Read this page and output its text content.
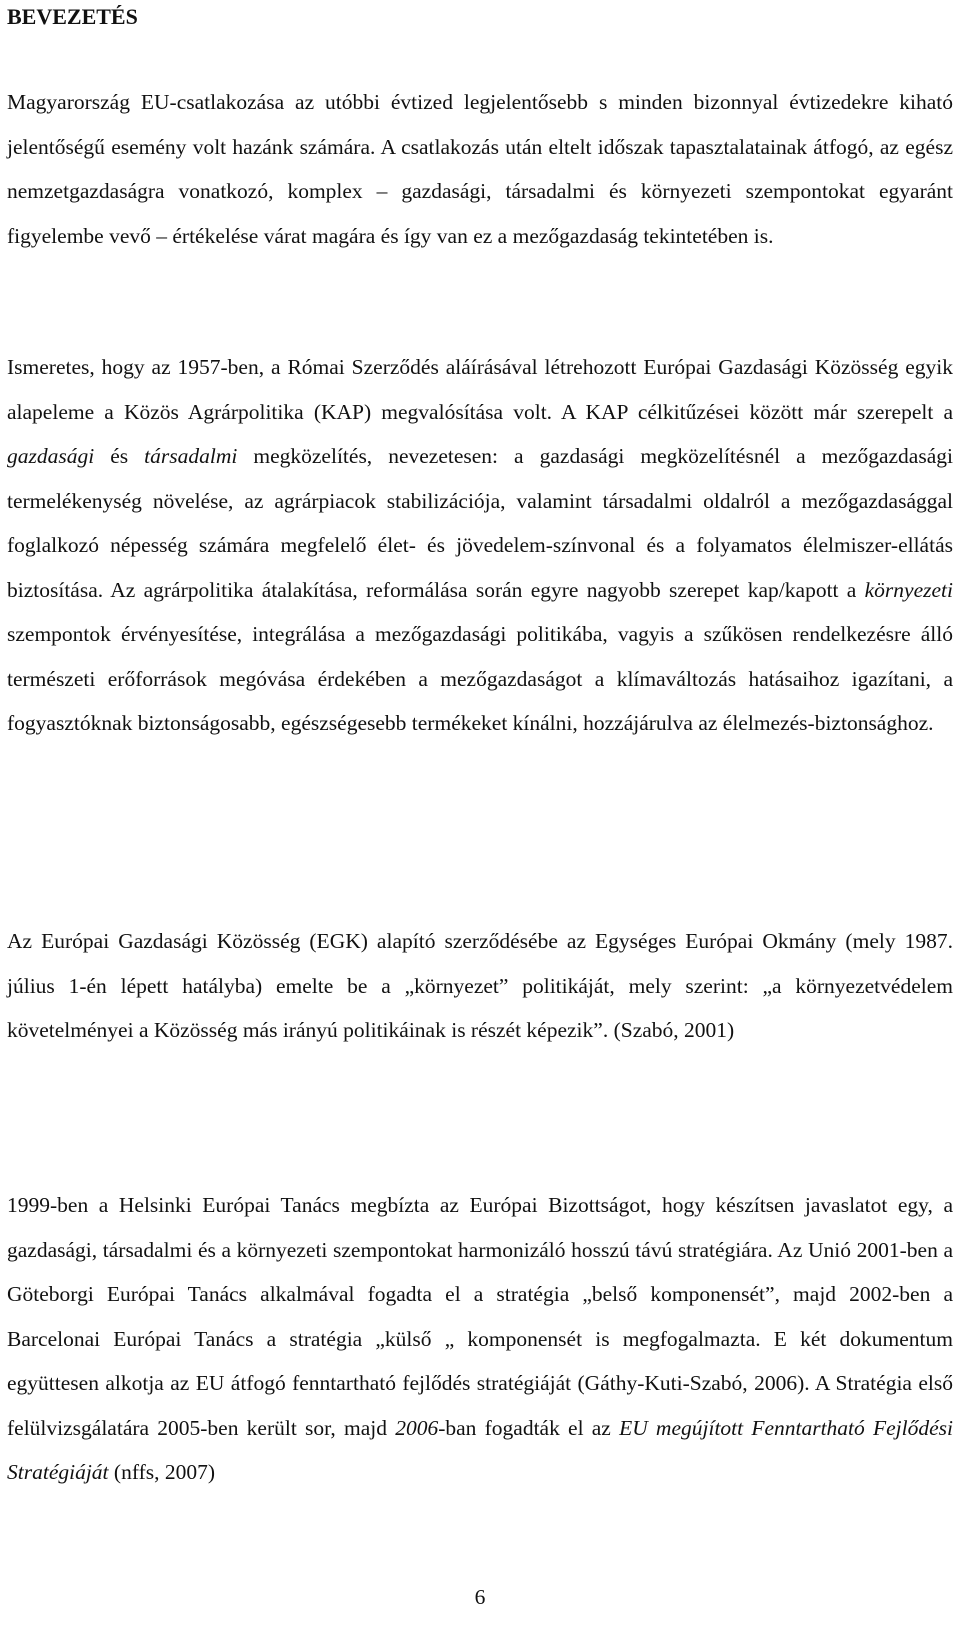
BEVEZETÉS

Magyarország EU-csatlakozása az utóbbi évtized legjelentősebb s minden bizonnyal évtizedekre kiható jelentőségű esemény volt hazánk számára. A csatlakozás után eltelt időszak tapasztalatainak átfogó, az egész nemzetgazdaságra vonatkozó, komplex – gazdasági, társadalmi és környezeti szempontokat egyaránt figyelembe vevő – értékelése várat magára és így van ez a mezőgazdaság tekintetében is.

Ismeretes, hogy az 1957-ben, a Római Szerződés aláírásával létrehozott Európai Gazdasági Közösség egyik alapeleme a Közös Agrárpolitika (KAP) megvalósítása volt. A KAP célkitűzései között már szerepelt a gazdasági és társadalmi megközelítés, nevezetesen: a gazdasági megközelítésnél a mezőgazdasági termelékenység növelése, az agrárpiacok stabilizációja, valamint társadalmi oldalról a mezőgazdasággal foglalkozó népesség számára megfelelő élet- és jövedelem-színvonal és a folyamatos élelmiszer-ellátás biztosítása. Az agrárpolitika átalakítása, reformálása során egyre nagyobb szerepet kap/kapott a környezeti szempontok érvényesítése, integrálása a mezőgazdasági politikába, vagyis a szűkösen rendelkezésre álló természeti erőforrások megóvása érdekében a mezőgazdaságot a klímaváltozás hatásaihoz igazítani, a fogyasztóknak biztonságosabb, egészségesebb termékeket kínálni, hozzájárulva az élelmezés-biztonsághoz.

Az Európai Gazdasági Közösség (EGK) alapító szerződésébe az Egységes Európai Okmány (mely 1987. július 1-én lépett hatályba) emelte be a „környezet” politikáját, mely szerint: „a környezetvédelem követelményei a Közösség más irányú politikáinak is részét képezik”. (Szabó, 2001)

1999-ben a Helsinki Európai Tanács megbízta az Európai Bizottságot, hogy készítsen javaslatot egy, a gazdasági, társadalmi és a környezeti szempontokat harmonizáló hosszú távú stratégiára. Az Unió 2001-ben a Göteborgi Európai Tanács alkalmával fogadta el a stratégia „belső komponensét”, majd 2002-ben a Barcelonai Európai Tanács a stratégia „külső „ komponensét is megfogalmazta. E két dokumentum együttesen alkotja az EU átfogó fenntartható fejlődés stratégiáját (Gáthy-Kuti-Szabó, 2006). A Stratégia első felülvizsgálatára 2005-ben került sor, majd 2006-ban fogadták el az EU megújított Fenntartható Fejlődési Stratégiáját (nffs, 2007)

6
